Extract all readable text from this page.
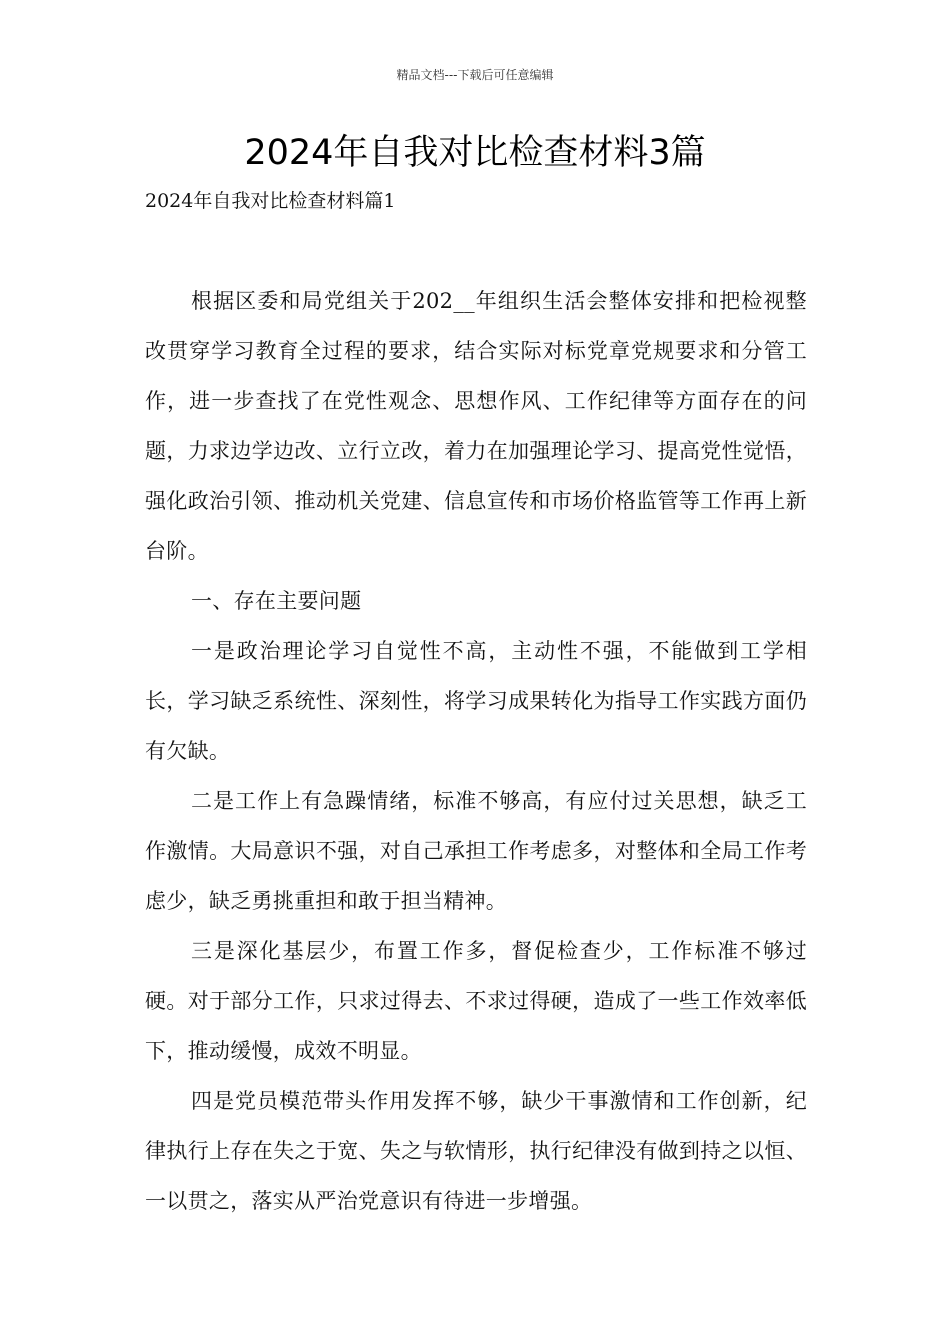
精品文档---下载后可任意编辑
2024年自我对比检查材料3篇

2024年自我对比检查材料篇1

根据区委和局党组关于202__年组织生活会整体安排和把检视整改贯穿学习教育全过程的要求，结合实际对标党章党规要求和分管工作，进一步查找了在党性观念、思想作风、工作纪律等方面存在的问题，力求边学边改、立行立改，着力在加强理论学习、提高党性觉悟，强化政治引领、推动机关党建、信息宣传和市场价格监管等工作再上新台阶。

一、存在主要问题

一是政治理论学习自觉性不高，主动性不强，不能做到工学相长，学习缺乏系统性、深刻性，将学习成果转化为指导工作实践方面仍有欠缺。

二是工作上有急躁情绪，标准不够高，有应付过关思想，缺乏工作激情。大局意识不强，对自己承担工作考虑多，对整体和全局工作考虑少，缺乏勇挑重担和敢于担当精神。

三是深化基层少，布置工作多，督促检查少，工作标准不够过硬。对于部分工作，只求过得去、不求过得硬，造成了一些工作效率低下，推动缓慢，成效不明显。

四是党员模范带头作用发挥不够，缺少干事激情和工作创新，纪律执行上存在失之于宽、失之与软情形，执行纪律没有做到持之以恒、一以贯之，落实从严治党意识有待进一步增强。
